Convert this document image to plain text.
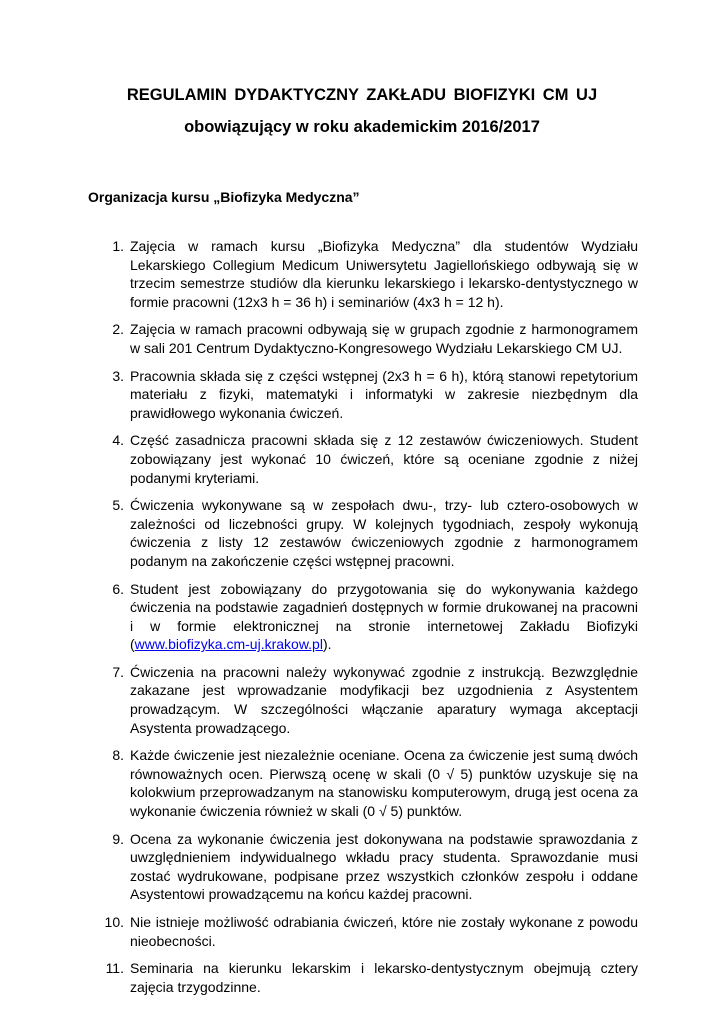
REGULAMIN DYDAKTYCZNY ZAKŁADU BIOFIZYKI CM UJ
obowiązujący w roku akademickim 2016/2017
Organizacja kursu „Biofizyka Medyczna”
1. Zajęcia w ramach kursu „Biofizyka Medyczna” dla studentów Wydziału Lekarskiego Collegium Medicum Uniwersytetu Jagiellońskiego odbywają się w trzecim semestrze studiów dla kierunku lekarskiego i lekarsko-dentystycznego w formie pracowni (12x3 h = 36 h) i seminariów (4x3 h = 12 h).
2. Zajęcia w ramach pracowni odbywają się w grupach zgodnie z harmonogramem w sali 201 Centrum Dydaktyczno-Kongresowego Wydziału Lekarskiego CM UJ.
3. Pracownia składa się z części wstępnej (2x3 h = 6 h), którą stanowi repetytorium materiału z fizyki, matematyki i informatyki w zakresie niezbędnym dla prawidłowego wykonania ćwiczeń.
4. Część zasadnicza pracowni składa się z 12 zestawów ćwiczeniowych. Student zobowiązany jest wykonać 10 ćwiczeń, które są oceniane zgodnie z niżej podanymi kryteriami.
5. Ćwiczenia wykonywane są w zespołach dwu-, trzy- lub cztero-osobowych w zależności od liczebności grupy. W kolejnych tygodniach, zespoły wykonują ćwiczenia z listy 12 zestawów ćwiczeniowych zgodnie z harmonogramem podanym na zakończenie części wstępnej pracowni.
6. Student jest zobowiązany do przygotowania się do wykonywania każdego ćwiczenia na podstawie zagadnień dostępnych w formie drukowanej na pracowni i w formie elektronicznej na stronie internetowej Zakładu Biofizyki (www.biofizyka.cm-uj.krakow.pl).
7. Ćwiczenia na pracowni należy wykonywać zgodnie z instrukcją. Bezwzględnie zakazane jest wprowadzanie modyfikacji bez uzgodnienia z Asystentem prowadzącym. W szczególności włączanie aparatury wymaga akceptacji Asystenta prowadzącego.
8. Każde ćwiczenie jest niezależnie oceniane. Ocena za ćwiczenie jest sumą dwóch równoważnych ocen. Pierwszą ocenę w skali (0 √ 5) punktów uzyskuje się na kolokwium przeprowadzanym na stanowisku komputerowym, drugą jest ocena za wykonanie ćwiczenia również w skali (0 √ 5) punktów.
9. Ocena za wykonanie ćwiczenia jest dokonywana na podstawie sprawozdania z uwzględnieniem indywidualnego wkładu pracy studenta. Sprawozdanie musi zostać wydrukowane, podpisane przez wszystkich członków zespołu i oddane Asystentowi prowadzącemu na końcu każdej pracowni.
10. Nie istnieje możliwość odrabiania ćwiczeń, które nie zostały wykonane z powodu nieobecności.
11. Seminaria na kierunku lekarskim i lekarsko-dentystycznym obejmują cztery zajęcia trzygodzinne.
